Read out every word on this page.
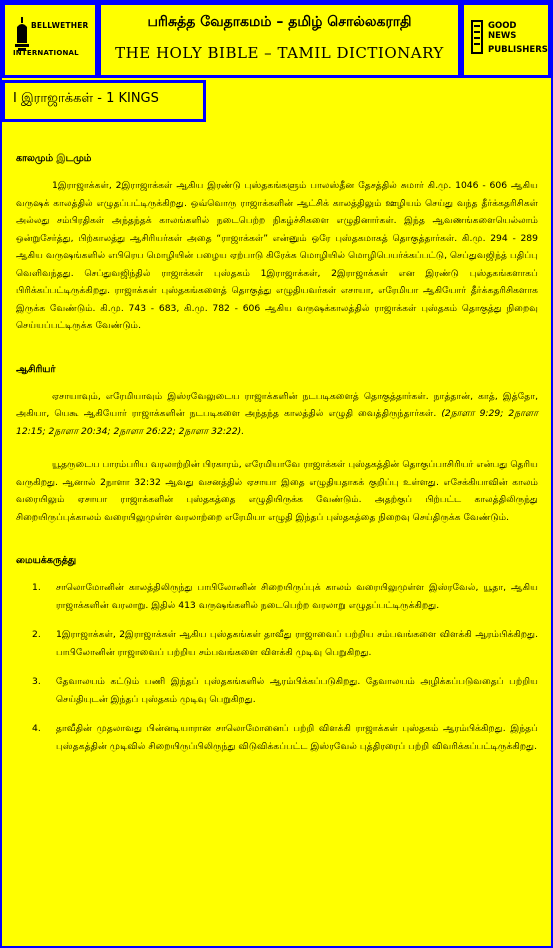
BELLWETHER
INTERNATIONAL
பரிசுத்த வேதாகமம் – தமிழ் சொல்லகராதி
THE HOLY BIBLE – TAMIL DICTIONARY
GOOD NEWS
PUBLISHERS
I இராஜாக்கள் - 1 KINGS
காலமும் இடமும்

1இராஜாக்கள், 2இராஜாக்கள் ஆகிய இரண்டு புஸ்தகங்களும் பாலஸ்தீன தேசத்தில் சுமார் கி.மு. 1046 - 606 ஆகிய வருஷக் காலத்தில் எழுதப்பட்டிருக்கிறது. ஒவ்வொரு ராஜாக்களின் ஆட்சிக் காலத்திலும் ஊழியம் செய்து வந்த தீர்க்கதரிசிகள் அல்லது சம்பிரதிகள் அந்தந்தக் காலங்களில் நடைபெற்ற நிகழ்ச்சிகளை எழுதினார்கள். இந்த ஆவணங்களையெல்லாம் ஒன்றுசேர்த்து, பிற்காலத்து ஆசிரியர்கள் அதை “ராஜாக்கள்” என்னும் ஒரே புஸ்தகமாகத் தொகுத்தார்கள். கி.மு. 294 - 289 ஆகிய வருஷங்களில் எபிரெய மொழியின் பழைய ஏற்பாடு கிரேக்க மொழியில் மொழிபெயர்க்கப்பட்டு, செப்துவஜிந்த் பதிப்பு வெளிவந்தது. செப்துவஜிந்தில் ராஜாக்கள் புஸ்தகம் 1இராஜாக்கள், 2இராஜாக்கள் என இரண்டு புஸ்தகங்களாகப் பிரிக்கப்பட்டிருக்கிறது. ராஜாக்கள் புஸ்தகங்களைத் தொகுத்து எழுதியவர்கள் எசாயா, எரேமியா ஆகியோர் தீர்க்கதரிசிகளாக இருக்க வேண்டும். கி.மு. 743 - 683, கி.மு. 782 - 606 ஆகிய வருஷக்காலத்தில் ராஜாக்கள் புஸ்தகம் தொகுத்து நிறைவு செய்யப்பட்டிருக்க வேண்டும்.

ஆசிரியர்

ஏசாயாவும், எரேமியாவும் இஸ்ரவேலுடைய ராஜாக்களின் நடபடிகளைத் தொகுத்தார்கள். நாத்தான், காத், இத்தோ, அகியா, யெகூ ஆகியோர் ராஜாக்களின் நடபடிகளை அந்தந்த காலத்தில் எழுதி வைத்திருந்தார்கள். (2நாளா 9:29; 2நாளா 12:15; 2நாளா 20:34; 2நாளா 26:22; 2நாளா 32:22).

யூதருடைய பாரம்பரிய வரலாற்றின் பிரகாரம், எரேமியாவே ராஜாக்கள் புஸ்தகத்தின் தொகுப்பாசிரியர் என்பது தெரிய வருகிறது. ஆனால் 2நாளா 32:32 ஆவது வசனத்தில் ஏசாயா இதை எழுதியதாகக் குறிப்பு உள்ளது. எசேக்கியாவின் காலம் வரையிலும் ஏசாயா ராஜாக்களின் புஸ்தகத்தை எழுதியிருக்க வேண்டும். அதற்குப் பிற்பட்ட காலத்திலிருந்து சிறையிருப்புக்காலம் வரையிலுமுள்ள வரலாற்றை எரேமியா எழுதி இந்தப் புஸ்தகத்தை நிறைவு செய்திருக்க வேண்டும்.

மையக்கருத்து
1. சாலொமோனின் காலத்திலிருந்து பாபிலோனின் சிறையிருப்புக் காலம் வரையிலுமுள்ள இஸ்ரவேல், யூதா, ஆகிய ராஜாக்களின் வரலாறு. இதில் 413 வருஷங்களில் நடைபெற்ற வரலாறு எழுதப்பட்டிருக்கிறது.
2. 1இராஜாக்கள், 2இராஜாக்கள் ஆகிய புஸ்தகங்கள் தாவீது ராஜாவைப் பற்றிய சம்பவங்களை விளக்கி ஆரம்பிக்கிறது. பாபிலோனின் ராஜாவைப் பற்றிய சம்பவங்களை விளக்கி முடிவு பெறுகிறது.
3. தேவாலயம் கட்டும் பணி இந்தப் புஸ்தகங்களில் ஆரம்பிக்கப்படுகிறது. தேவாலயம் அழிக்கப்படுவதைப் பற்றிய செய்தியுடன் இந்தப் புஸ்தகம் முடிவு பெறுகிறது.
4. தாவீதின் முதலாவது பின்னடியாரான சாலொமோனைப் பற்றி விளக்கி ராஜாக்கள் புஸ்தகம் ஆரம்பிக்கிறது. இந்தப் புஸ்தகத்தின் முடிவில் சிறையிருப்பிலிருந்து விடுவிக்கப்பட்ட இஸ்ரவேல் புத்திரரைப் பற்றி விவரிக்கப்பட்டிருக்கிறது.
